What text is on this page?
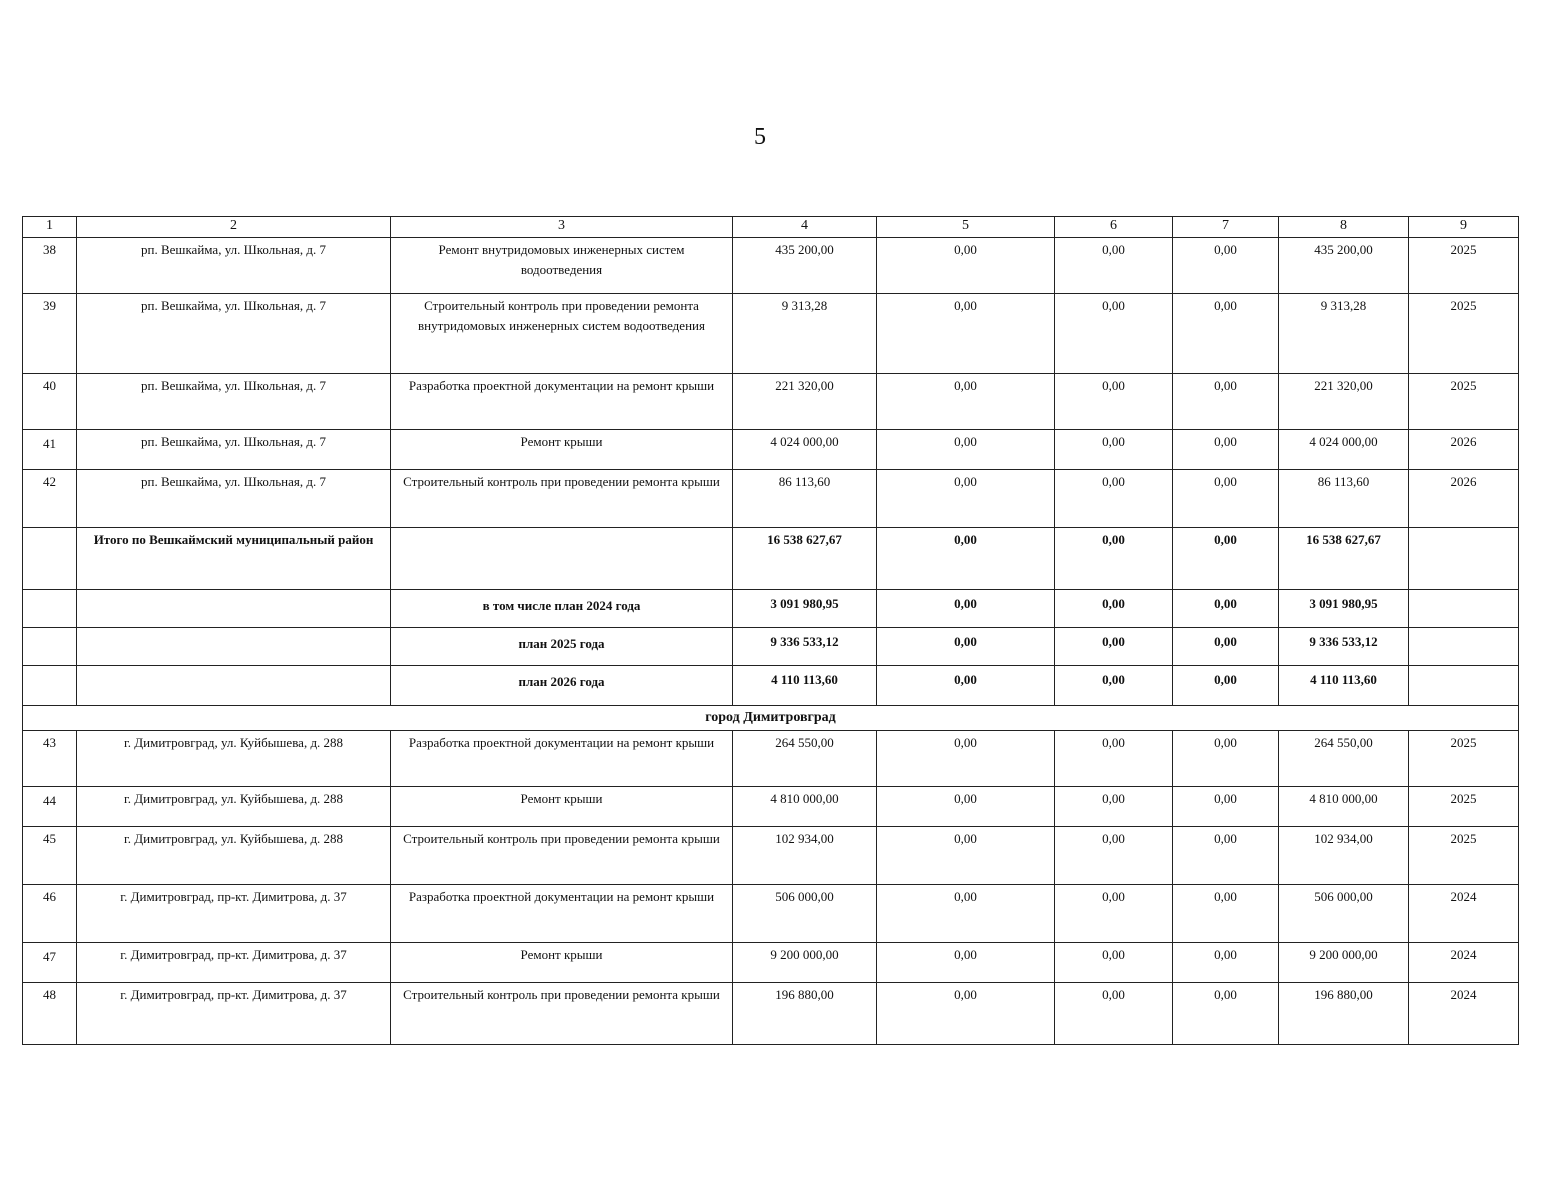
5
1	2	3	4	5	6	7	8	9
38	рп. Вешкайма, ул. Школьная, д. 7	Ремонт внутридомовых инженерных систем водоотведения	435 200,00	0,00	0,00	0,00	435 200,00	2025
39	рп. Вешкайма, ул. Школьная, д. 7	Строительный контроль при проведении ремонта внутридомовых инженерных систем водоотведения	9 313,28	0,00	0,00	0,00	9 313,28	2025
40	рп. Вешкайма, ул. Школьная, д. 7	Разработка проектной документации на ремонт крыши	221 320,00	0,00	0,00	0,00	221 320,00	2025
41	рп. Вешкайма, ул. Школьная, д. 7	Ремонт крыши	4 024 000,00	0,00	0,00	0,00	4 024 000,00	2026
42	рп. Вешкайма, ул. Школьная, д. 7	Строительный контроль при проведении ремонта крыши	86 113,60	0,00	0,00	0,00	86 113,60	2026
	Итого по Вешкаймский муниципальный район		16 538 627,67	0,00	0,00	0,00	16 538 627,67	
		в том числе план 2024 года	3 091 980,95	0,00	0,00	0,00	3 091 980,95	
		план 2025 года	9 336 533,12	0,00	0,00	0,00	9 336 533,12	
		план 2026 года	4 110 113,60	0,00	0,00	0,00	4 110 113,60	
город Димитровград								
43	г. Димитровград, ул. Куйбышева, д. 288	Разработка проектной документации на ремонт крыши	264 550,00	0,00	0,00	0,00	264 550,00	2025
44	г. Димитровград, ул. Куйбышева, д. 288	Ремонт крыши	4 810 000,00	0,00	0,00	0,00	4 810 000,00	2025
45	г. Димитровград, ул. Куйбышева, д. 288	Строительный контроль при проведении ремонта крыши	102 934,00	0,00	0,00	0,00	102 934,00	2025
46	г. Димитровград, пр-кт. Димитрова, д. 37	Разработка проектной документации на ремонт крыши	506 000,00	0,00	0,00	0,00	506 000,00	2024
47	г. Димитровград, пр-кт. Димитрова, д. 37	Ремонт крыши	9 200 000,00	0,00	0,00	0,00	9 200 000,00	2024
48	г. Димитровград, пр-кт. Димитрова, д. 37	Строительный контроль при проведении ремонта крыши	196 880,00	0,00	0,00	0,00	196 880,00	2024
